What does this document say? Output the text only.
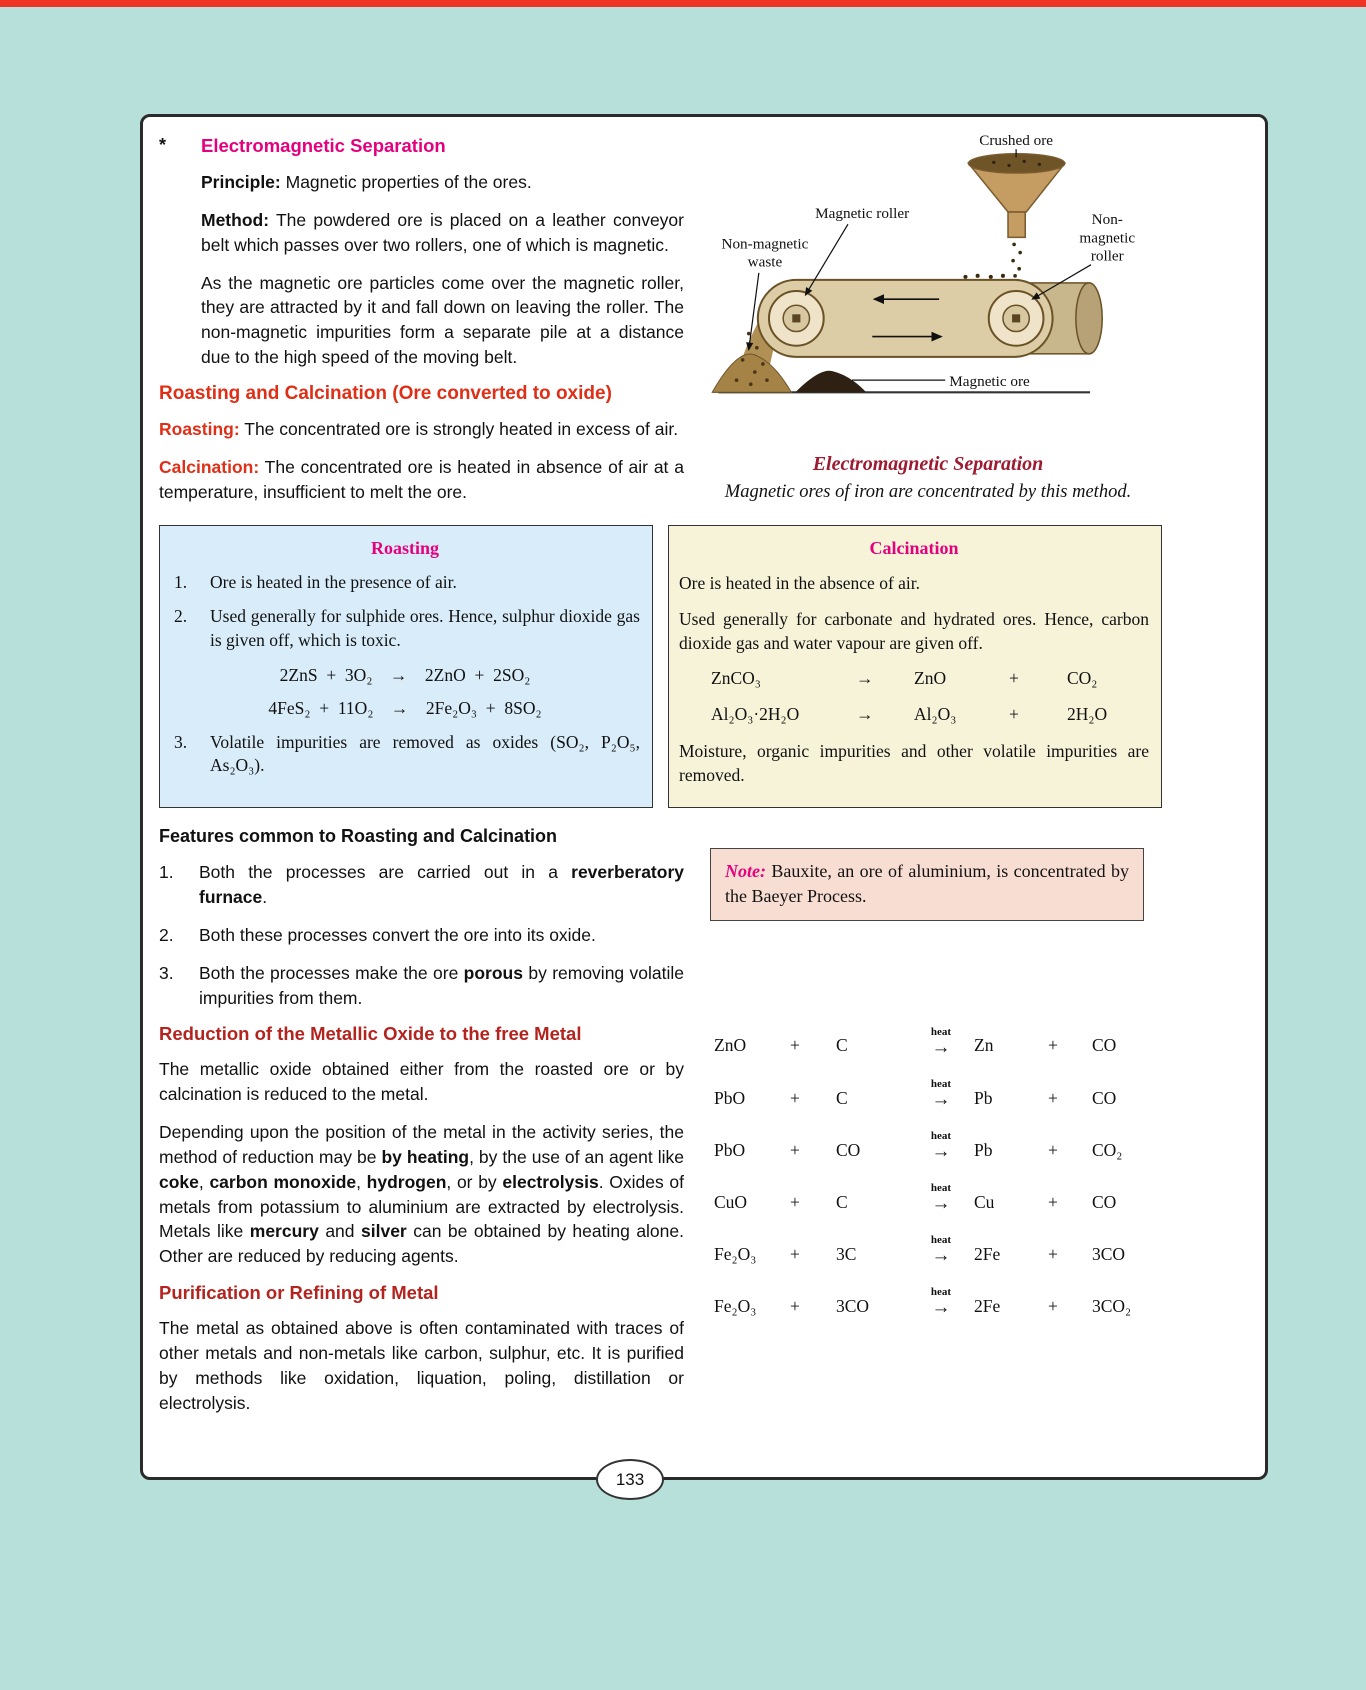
*	Electromagnetic Separation

Principle: Magnetic properties of the ores.

Method: The powdered ore is placed on a leather conveyor belt which passes over two rollers, one of which is magnetic.

As the magnetic ore particles come over the magnetic roller, they are attracted by it and fall down on leaving the roller. The non-magnetic impurities form a separate pile at a distance due to the high speed of the moving belt.

Roasting and Calcination (Ore converted to oxide)

Roasting: The concentrated ore is strongly heated in excess of air.

Calcination: The concentrated ore is heated in absence of air at a temperature, insufficient to melt the ore.

Crushed ore
Magnetic roller	Non-
magnetic
roller
Non-magnetic
waste
Magnetic ore
Electromagnetic Separation
Magnetic ores of iron are concentrated by this method.
Roasting
1.	Ore is heated in the presence of air.
2.	Used generally for sulphide ores. Hence, sulphur dioxide gas is given off, which is toxic.
2ZnS  +  3O₂    →    2ZnO  +  2SO₂
4FeS₂  +  11O₂    →    2Fe₂O₃  +  8SO₂
3.	Volatile impurities are removed as oxides (SO₂, P₂O₅, As₂O₃).
Calcination

Ore is heated in the absence of air.

Used generally for carbonate and hydrated ores. Hence, carbon dioxide gas and water vapour are given off.

ZnCO₃	→	ZnO	+	CO₂
Al₂O₃·2H₂O	→	Al₂O₃	+	2H₂O

Moisture, organic impurities and other volatile impurities are removed.

Features common to Roasting and Calcination
1.	Both the processes are carried out in a reverberatory furnace.
2.	Both these processes convert the ore into its oxide.
3.	Both the processes make the ore porous by removing volatile impurities from them.
Reduction of the Metallic Oxide to the free Metal

The metallic oxide obtained either from the roasted ore or by calcination is reduced to the metal.

Depending upon the position of the metal in the activity series, the method of reduction may be by heating, by the use of an agent like coke, carbon monoxide, hydrogen, or by electrolysis. Oxides of metals from potassium to aluminium are extracted by electrolysis. Metals like mercury and silver can be obtained by heating alone. Other are reduced by reducing agents.

Purification or Refining of Metal

The metal as obtained above is often contaminated with traces of other metals and non-metals like carbon, sulphur, etc. It is purified by methods like oxidation, liquation, poling, distillation or electrolysis.

Note: Bauxite, an ore of aluminium, is concentrated by the Baeyer Process.
ZnO	+	C
heat
→ Zn	+	CO
PbO	+	C
heat
→ Pb	+	CO
PbO	+	CO
heat
→ Pb	+	CO₂
CuO	+	C
heat
→ Cu	+	CO
Fe₂O₃	+	3C
heat
→ 2Fe	+	3CO
Fe₂O₃	+	3CO
heat
→ 2Fe	+	3CO₂
133
